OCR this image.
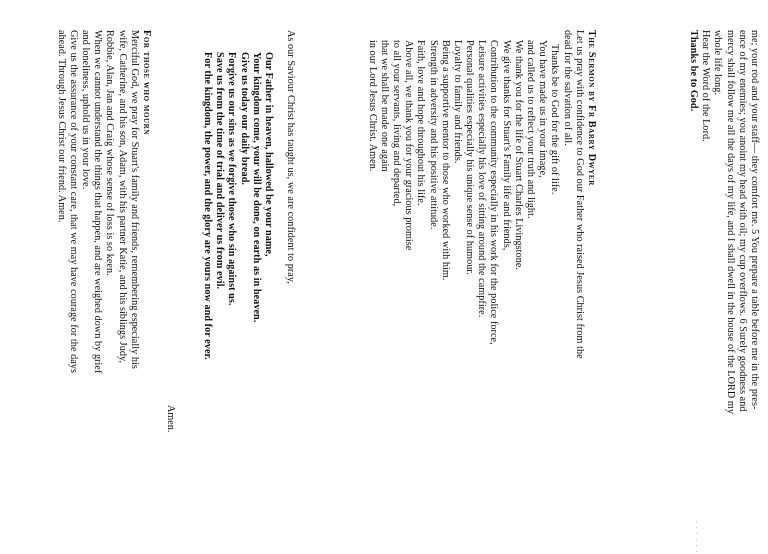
me; your rod and your staff— they comfort me. 5 You prepare a table before me in the pres-
ence of my enemies; you anoint my head with oil; my cup overflows. 6 Surely goodness and
mercy shall follow me all the days of my life, and I shall dwell in the house of the LORD my
whole life long.
Hear the Word of the Lord.
Thanks be to God.
The Sermon by Fr Barry Dwyer
Let us pray with confidence to God our Father who raised Jesus Christ from the
dead for the salvation of all.
Thanks be to God for the gift of life.
You have made us in your image,
and called us to reflect your truth and light.
We thank you for the life of Stuart Charles Livingstone.
We give thanks for Stuart's Family life and friends,
Contribution to the community especially in his work for the police force,
Leisure activities especially his love of sitting around the campfire.
Personal qualities especially his unique sense of humour.
Loyalty to family and friends.
Being a supportive mentor to those who worked with him.
Strength in adversity and his positive attitude.
Faith, love and hope throughout his life.
Above all, we thank you for your gracious promise
to all your servants, living and departed,
that we shall be made one again
in our Lord Jesus Christ. Amen.
As our Saviour Christ has taught us, we are confident to pray,
Our Father in heaven, hallowed be your name,
Your kingdom come, your will be done, on earth as in heaven.
Give us today our daily bread.
Forgive us our sins as we forgive those who sin against us.
Save us from the time of trial and deliver us from evil.
For the kingdom, the power, and the glory are yours now and for ever.
Amen.
For those who mourn
Merciful God, we pray for Stuart's family and friends, remembering especially his
wife, Catherine, and his son, Adam, with his partner Katie, and his siblings Judy,
Robbie, Alan, Jan and Craig whose sense of loss is so keen.
When we cannot understand the things that happen, and are weighed down by grief
and loneliness, uphold us in your love.
Give us the assurance of your constant care, that we may have courage for the days
ahead. Through Jesus Christ our friend. Amen.
· · · · · ·
